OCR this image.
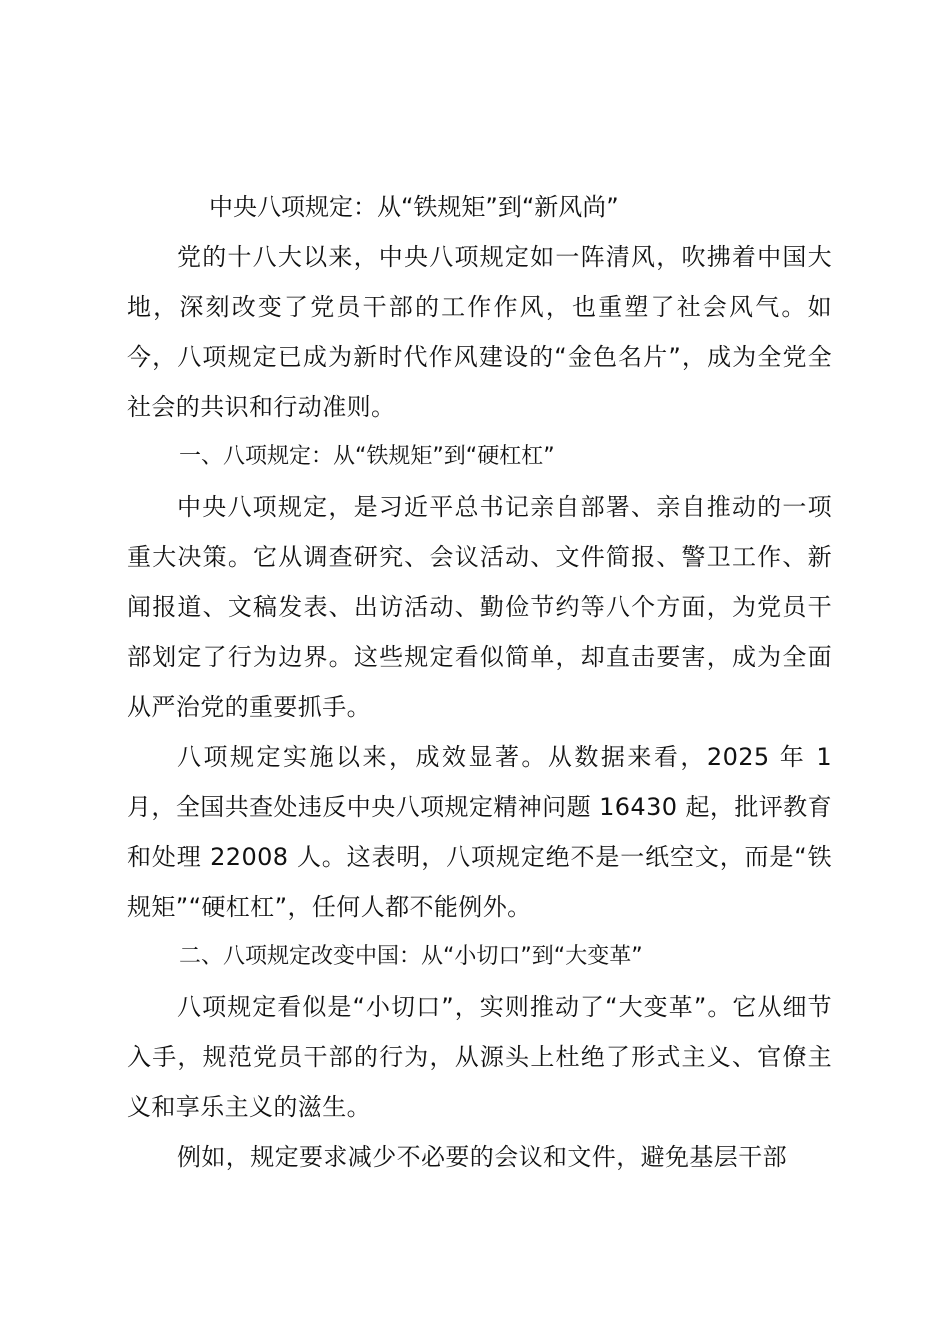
中央八项规定：从“铁规矩”到“新风尚”

党的十八大以来，中央八项规定如一阵清风，吹拂着中国大地，深刻改变了党员干部的工作作风，也重塑了社会风气。如今，八项规定已成为新时代作风建设的“金色名片”，成为全党全社会的共识和行动准则。

一、八项规定：从“铁规矩”到“硬杠杠”

中央八项规定，是习近平总书记亲自部署、亲自推动的一项重大决策。它从调查研究、会议活动、文件简报、警卫工作、新闻报道、文稿发表、出访活动、勤俭节约等八个方面，为党员干部划定了行为边界。这些规定看似简单，却直击要害，成为全面从严治党的重要抓手。

八项规定实施以来，成效显著。从数据来看，2025 年 1 月，全国共查处违反中央八项规定精神问题 16430 起，批评教育和处理 22008 人。这表明，八项规定绝不是一纸空文，而是“铁规矩”“硬杠杠”，任何人都不能例外。

二、八项规定改变中国：从“小切口”到“大变革”

八项规定看似是“小切口”，实则推动了“大变革”。它从细节入手，规范党员干部的行为，从源头上杜绝了形式主义、官僚主义和享乐主义的滋生。

例如，规定要求减少不必要的会议和文件，避免基层干部
